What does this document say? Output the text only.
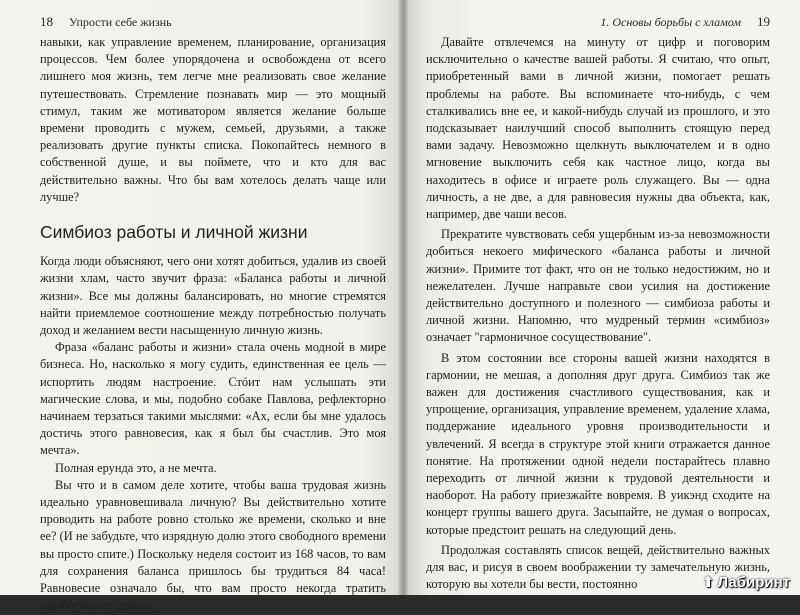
18 Упрости себе жизнь

навыки, как управление временем, планирование, организация процессов. Чем более упорядочена и освобождена от всего лишнего моя жизнь, тем легче мне реализовать свое желание путешествовать. Стремление познавать мир — это мощный стимул, таким же мотиватором является желание больше времени проводить с мужем, семьей, друзьями, а также реализовать другие пункты списка. Покопайтесь немного в собственной душе, и вы поймете, что и кто для вас действительно важны. Что бы вам хотелось делать чаще или лучше?

Симбиоз работы и личной жизни

Когда люди объясняют, чего они хотят добиться, удалив из своей жизни хлам, часто звучит фраза: «Баланса работы и личной жизни». Все мы должны балансировать, но многие стремятся найти приемлемое соотношение между потребностью получать доход и желанием вести насыщенную личную жизнь.

Фраза «баланс работы и жизни» стала очень модной в мире бизнеса. Но, насколько я могу судить, единственная ее цель — испортить людям настроение. Стóит нам услышать эти магические слова, и мы, подобно собаке Павлова, рефлекторно начинаем терзаться такими мыслями: «Ах, если бы мне удалось достичь этого равновесия, как я был бы счастлив. Это моя мечта».

Полная ерунда это, а не мечта.

Вы что и в самом деле хотите, чтобы ваша трудовая жизнь идеально уравновешивала личную? Вы действительно хотите проводить на работе ровно столько же времени, сколько и вне ее? (И не забудьте, что изрядную долю этого свободного времени вы просто спите.) Поскольку неделя состоит из 168 часов, то вам для сохранения баланса пришлось бы трудиться 84 часа! Равновесие означало бы, что вам просто некогда тратить заработанные деньги.

1. Основы борьбы с хламом 19

Давайте отвлечемся на минуту от цифр и поговорим исключительно о качестве вашей работы. Я считаю, что опыт, приобретенный вами в личной жизни, помогает решать проблемы на работе. Вы вспоминаете что-нибудь, с чем сталкивались вне ее, и какой-нибудь случай из прошлого, и это подсказывает наилучший способ выполнить стоящую перед вами задачу. Невозможно щелкнуть выключателем и в одно мгновение выключить себя как частное лицо, когда вы находитесь в офисе и играете роль служащего. Вы — одна личность, а не две, а для равновесия нужны два объекта, как, например, две чаши весов.

Прекратите чувствовать себя ущербным из-за невозможности добиться некоего мифического «баланса работы и личной жизни». Примите тот факт, что он не только недостижим, но и нежелателен. Лучше направьте свои усилия на достижение действительно доступного и полезного — симбиоза работы и личной жизни. Напомню, что мудреный термин «симбиоз» означает "гармоничное сосуществование".

В этом состоянии все стороны вашей жизни находятся в гармонии, не мешая, а дополняя друг друга. Симбиоз так же важен для достижения счастливого существования, как и упрощение, организация, управление временем, удаление хлама, поддержание идеального уровня производительности и увлечений. Я всегда в структуре этой книги отражается данное понятие. На протяжении одной недели постарайтесь плавно переходить от личной жизни к трудовой деятельности и наоборот. На работу приезжайте вовремя. В уикэнд сходите на концерт группы вашего друга. Засыпайте, не думая о вопросах, которые предстоит решать на следующий день.

Продолжая составлять список вещей, действительно важных для вас, и рисуя в своем воображении ту замечательную жизнь, которую вы хотели бы вести, постоянно	⬆ Лабиринт
